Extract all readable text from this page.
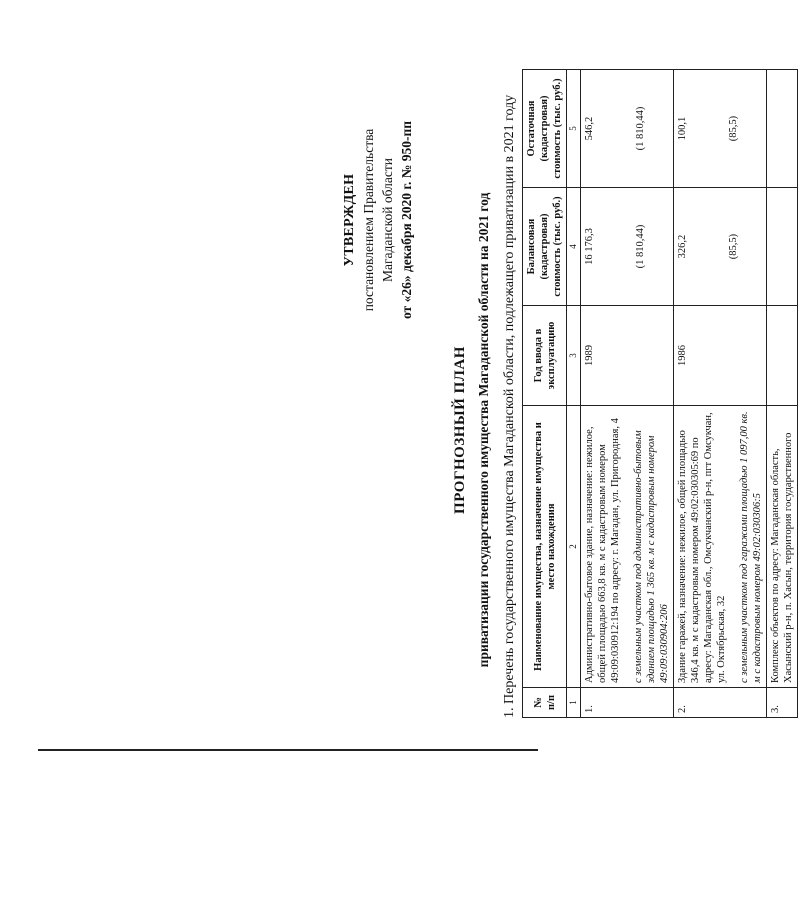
УТВЕРЖДЕН постановлением Правительства Магаданской области от «26» декабря 2020 г. № 950-пп
ПРОГНОЗНЫЙ ПЛАН приватизации государственного имущества Магаданской области на 2021 год 1. Перечень государственного имущества Магаданской области, подлежащего приватизации в 2021 году № п/п	Наименование имущества, назначение имущества и место нахождения	Год ввода в эксплуатацию	Балансовая (кадастровая) стоимость (тыс. руб.)	Остаточная (кадастровая) стоимость (тыс. руб.)
1	2	3	4	5
1.	Административно-бытовое здание, назначение: нежилое, общей площадью 663,8 кв. м с кадастровым номером 49:09:030912:194 по адресу: г. Магадан, ул. Пригородная, 4 с земельным участком под административно-бытовым зданием площадью 1 365 кв. м с кадастровым номером 49:09:030904:206	1989	16 176,3 (1 810,44)	546,2 (1 810,44)

2.	Здание гаражей, назначение: нежилое, общей площадью 346,4 кв. м с кадастровым номером 49:02:030305:69 по адресу: Магаданская обл., Омсукчанский р-н, пгт Омсукчан, ул. Октябрьская, 32 с земельным участком под гаражами площадью 1 097,00 кв. м с кадастровым номером 49:02:030306:5	1986	326,2 (85,5)	100,1 (85,5)

3.	Комплекс объектов по адресу: Магаданская область, Хасынский р-н, п. Хасын, территория государственного			
